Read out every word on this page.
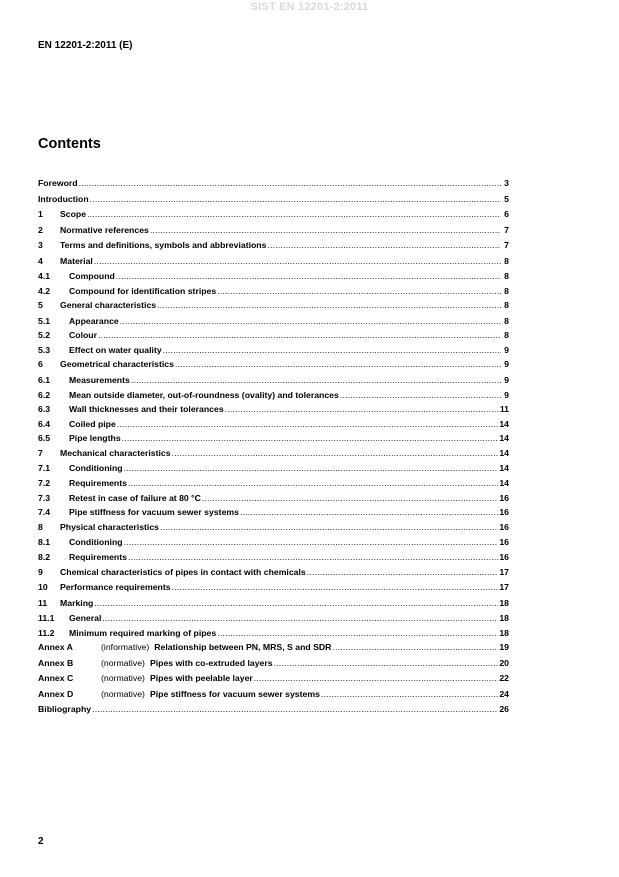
SIST EN 12201-2:2011
EN 12201-2:2011 (E)
Contents
Foreword .....	3
Introduction .....	5
1	Scope .....	6
2	Normative references .....	7
3	Terms and definitions, symbols and abbreviations .....	7
4	Material .....	8
4.1	Compound .....	8
4.2	Compound for identification stripes .....	8
5	General characteristics .....	8
5.1	Appearance .....	8
5.2	Colour .....	8
5.3	Effect on water quality .....	9
6	Geometrical characteristics .....	9
6.1	Measurements .....	9
6.2	Mean outside diameter, out-of-roundness (ovality) and tolerances .....	9
6.3	Wall thicknesses and their tolerances .....	11
6.4	Coiled pipe .....	14
6.5	Pipe lengths .....	14
7	Mechanical characteristics .....	14
7.1	Conditioning .....	14
7.2	Requirements .....	14
7.3	Retest in case of failure at 80 °C .....	16
7.4	Pipe stiffness for vacuum sewer systems .....	16
8	Physical characteristics .....	16
8.1	Conditioning .....	16
8.2	Requirements .....	16
9	Chemical characteristics of pipes in contact with chemicals .....	17
10	Performance requirements .....	17
11	Marking .....	18
11.1	General .....	18
11.2	Minimum required marking of pipes .....	18
Annex A	(informative) Relationship between PN, MRS, S and SDR .....	19
Annex B	(normative) Pipes with co-extruded layers .....	20
Annex C	(normative) Pipes with peelable layer .....	22
Annex D	(normative) Pipe stiffness for vacuum sewer systems .....	24
Bibliography .....	26
2
